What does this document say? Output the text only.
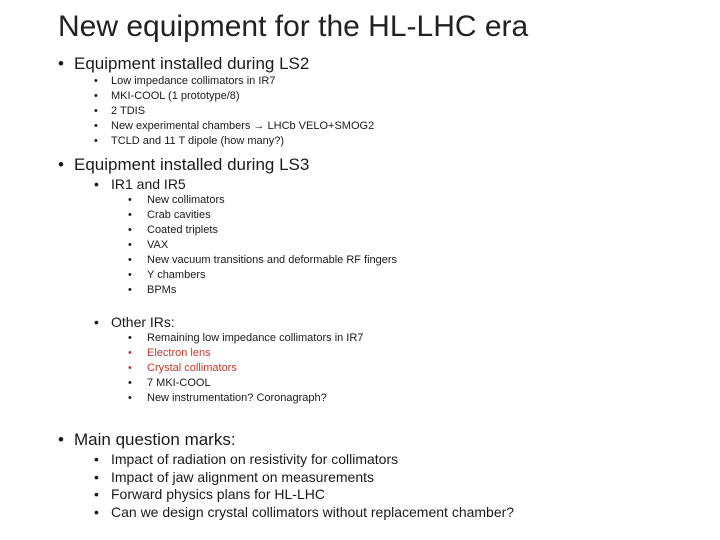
New equipment for the HL-LHC era
• Equipment installed during LS2
• Low impedance collimators in IR7
• MKI-COOL (1 prototype/8)
• 2 TDIS
• New experimental chambers → LHCb VELO+SMOG2
• TCLD and 11 T dipole (how many?)
• Equipment installed during LS3
• IR1 and IR5
• New collimators
• Crab cavities
• Coated triplets
• VAX
• New vacuum transitions and deformable RF fingers
• Y chambers
• BPMs
• Other IRs:
• Remaining low impedance collimators in IR7
• Electron lens
• Crystal collimators
• 7 MKI-COOL
• New instrumentation? Coronagraph?
• Main question marks:
• Impact of radiation on resistivity for collimators
• Impact of jaw alignment on measurements
• Forward physics plans for HL-LHC
• Can we design crystal collimators without replacement chamber?
